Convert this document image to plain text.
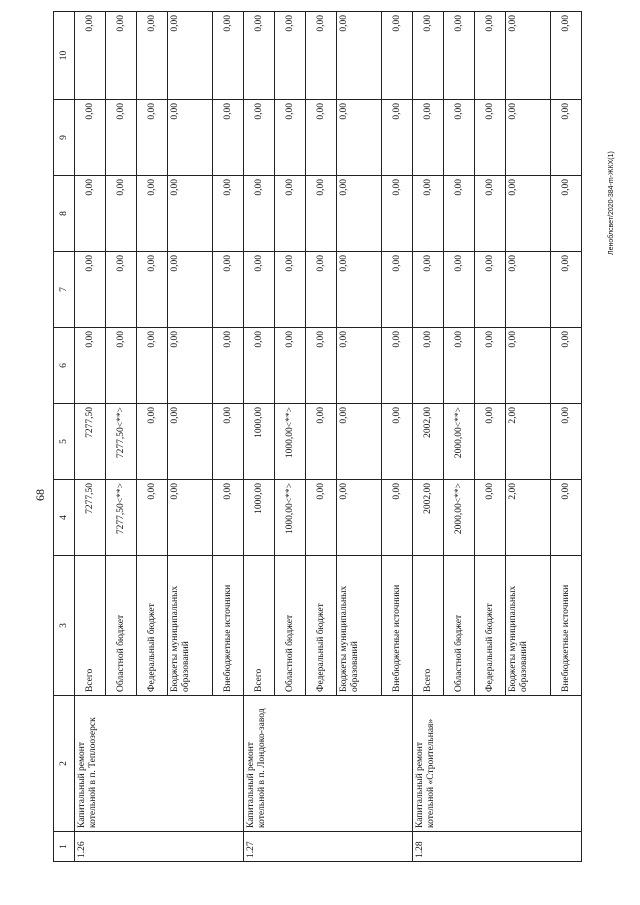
68
1	2	3	4	5	6	7	8	9	10
1.26	Капитальный ремонт котельной в п. Теплоозерск	Всего	7277,50	7277,50	0,00	0,00	0,00	0,00	0,00
		Областной бюджет	7277,50<**>	7277,50<**>	0,00	0,00	0,00	0,00	0,00
		Федеральный бюджет	0,00	0,00	0,00	0,00	0,00	0,00	0,00
		Бюджеты муниципальных образований	0,00	0,00	0,00	0,00	0,00	0,00	0,00
		Внебюджетные источники	0,00	0,00	0,00	0,00	0,00	0,00	0,00
1.27	Капитальный ремонт котельной в п. Лондоко-завод	Всего	1000,00	1000,00	0,00	0,00	0,00	0,00	0,00
		Областной бюджет	1000,00<**>	1000,00<**>	0,00	0,00	0,00	0,00	0,00
		Федеральный бюджет	0,00	0,00	0,00	0,00	0,00	0,00	0,00
		Бюджеты муниципальных образований	0,00	0,00	0,00	0,00	0,00	0,00	0,00
		Внебюджетные источники	0,00	0,00	0,00	0,00	0,00	0,00	0,00
1.28	Капитальный ремонт котельной «Строительная»	Всего	2002,00	2002,00	0,00	0,00	0,00	0,00	0,00
		Областной бюджет	2000,00<**>	2000,00<**>	0,00	0,00	0,00	0,00	0,00
		Федеральный бюджет	0,00	0,00	0,00	0,00	0,00	0,00	0,00
		Бюджеты муниципальных образований	2,00	2,00	0,00	0,00	0,00	0,00	0,00
		Внебюджетные источники	0,00	0,00	0,00	0,00	0,00	0,00	0,00
Леноблсвет/2020-384-m-ЖКХ(1)
